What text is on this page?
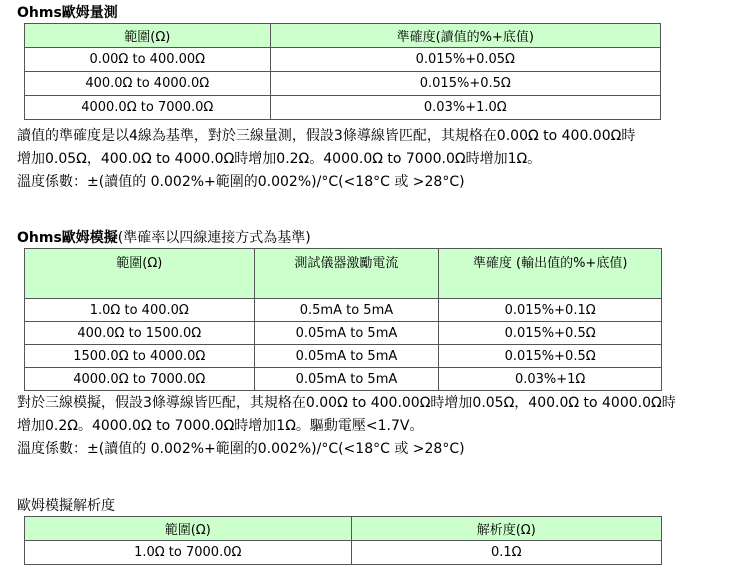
Ohms歐姆量測
範圍(Ω)	準確度(讀值的%+底值)
0.00Ω to 400.00Ω	0.015%+0.05Ω
400.0Ω to 4000.0Ω	0.015%+0.5Ω
4000.0Ω to 7000.0Ω	0.03%+1.0Ω
讀值的準確度是以4線為基準，對於三線量測，假設3條導線皆匹配，其規格在0.00Ω to 400.00Ω時
增加0.05Ω，400.0Ω to 4000.0Ω時增加0.2Ω。4000.0Ω to 7000.0Ω時增加1Ω。
溫度係數：±(讀值的 0.002%+範圍的0.002%)/°C(<18°C 或 >28°C)
Ohms歐姆模擬(準確率以四線連接方式為基準)
範圍(Ω)	測試儀器激勵電流	準確度 (輸出值的%+底值)
1.0Ω to 400.0Ω	0.5mA to 5mA	0.015%+0.1Ω
400.0Ω to 1500.0Ω	0.05mA to 5mA	0.015%+0.5Ω
1500.0Ω to 4000.0Ω	0.05mA to 5mA	0.015%+0.5Ω
4000.0Ω to 7000.0Ω	0.05mA to 5mA	0.03%+1Ω
對於三線模擬，假設3條導線皆匹配，其規格在0.00Ω to 400.00Ω時增加0.05Ω，400.0Ω to 4000.0Ω時
增加0.2Ω。4000.0Ω to 7000.0Ω時增加1Ω。驅動電壓<1.7V。
溫度係數：±(讀值的 0.002%+範圍的0.002%)/°C(<18°C 或 >28°C)
歐姆模擬解析度
範圍(Ω)	解析度(Ω)
1.0Ω to 7000.0Ω	0.1Ω
